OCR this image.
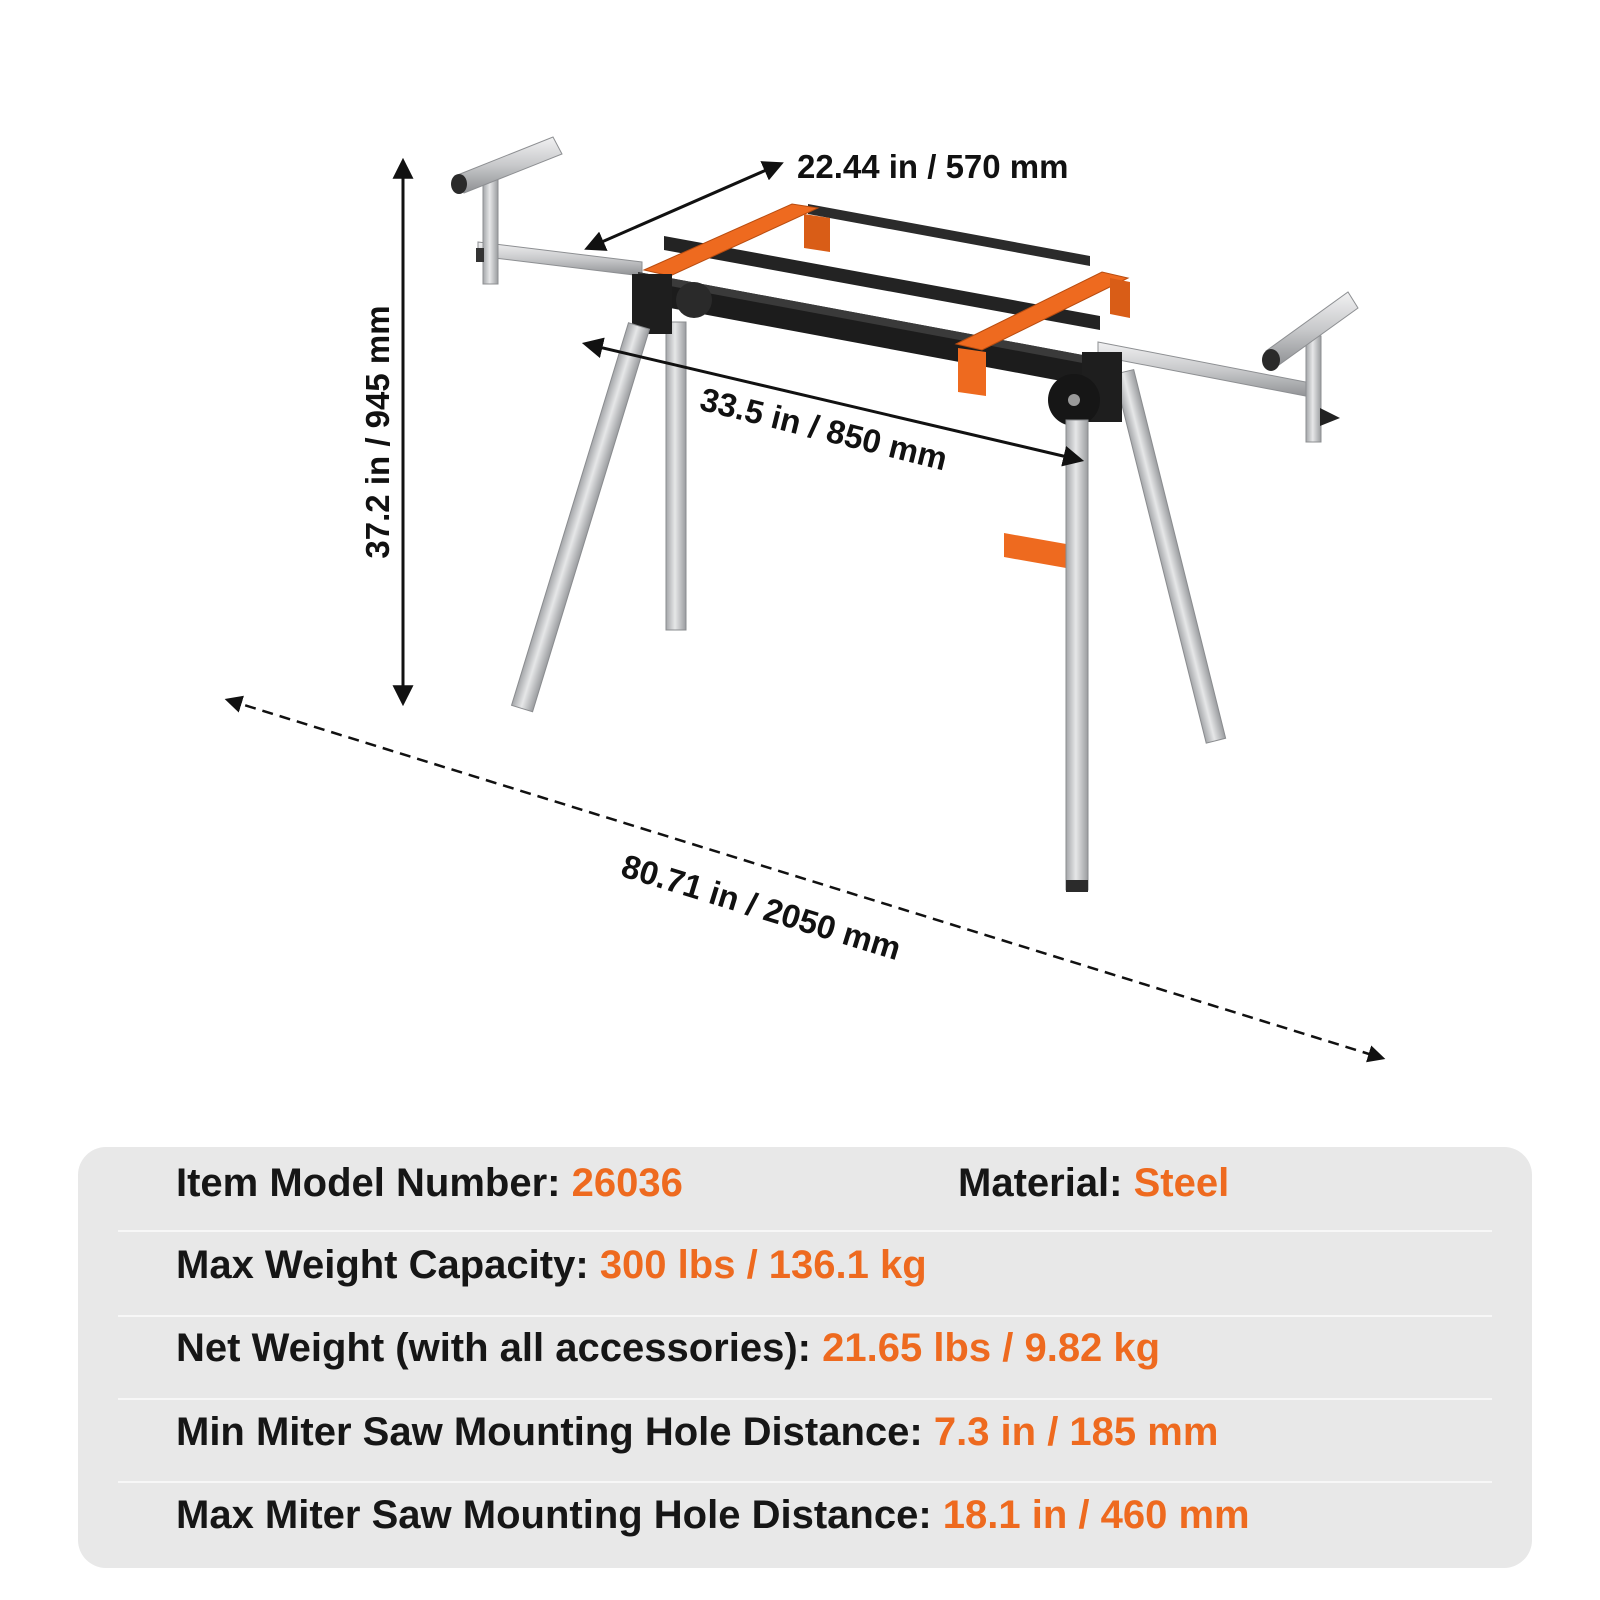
37.2 in / 945 mm
22.44 in / 570 mm
33.5 in / 850 mm
80.71 in / 2050 mm
Item Model Number: 26036	Material: Steel
Max Weight Capacity: 300 lbs / 136.1 kg
Net Weight (with all accessories): 21.65 lbs / 9.82 kg
Min Miter Saw Mounting Hole Distance: 7.3 in / 185 mm
Max Miter Saw Mounting Hole Distance: 18.1 in / 460 mm
